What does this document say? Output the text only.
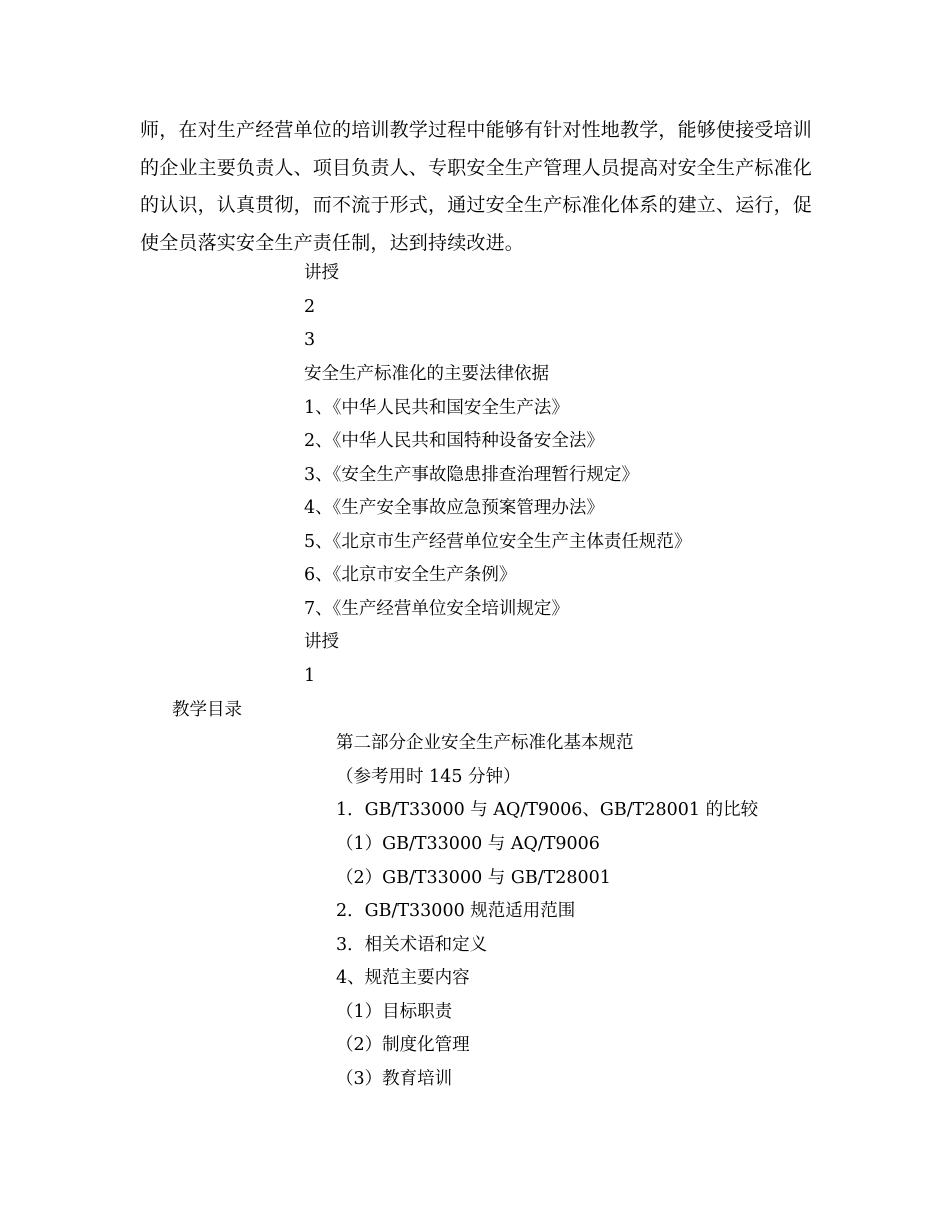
师，在对生产经营单位的培训教学过程中能够有针对性地教学，能够使接受培训的企业主要负责人、项目负责人、专职安全生产管理人员提高对安全生产标准化的认识，认真贯彻，而不流于形式，通过安全生产标准化体系的建立、运行，促使全员落实安全生产责任制，达到持续改进。

讲授
2
3
安全生产标准化的主要法律依据
1、《中华人民共和国安全生产法》
2、《中华人民共和国特种设备安全法》
3、《安全生产事故隐患排查治理暂行规定》
4、《生产安全事故应急预案管理办法》
5、《北京市生产经营单位安全生产主体责任规范》
6、《北京市安全生产条例》
7、《生产经营单位安全培训规定》
讲授
1
教学目录
第二部分企业安全生产标准化基本规范
（参考用时 145 分钟）
1．GB/T33000 与 AQ/T9006、GB/T28001 的比较
（1）GB/T33000 与 AQ/T9006
（2）GB/T33000 与 GB/T28001
2．GB/T33000 规范适用范围
3．相关术语和定义
4、规范主要内容
（1）目标职责
（2）制度化管理
（3）教育培训
